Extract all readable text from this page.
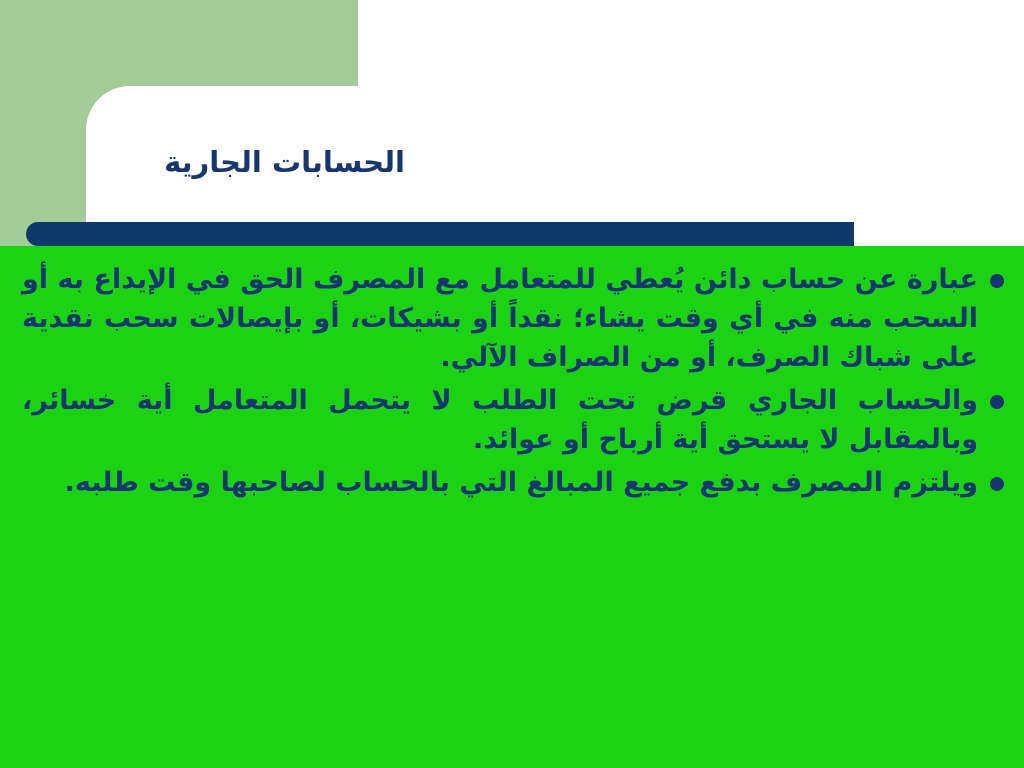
الحسابات الجارية
عبارة عن حساب دائن يُعطي للمتعامل مع المصرف الحق في الإيداع به أو السحب منه في أي وقت يشاء؛ نقداً أو بشيكات، أو بإيصالات سحب نقدية على شباك الصرف، أو من الصراف الآلي.
والحساب الجاري قرض تحت الطلب لا يتحمل المتعامل أية خسائر، وبالمقابل لا يستحق أية أرباح أو عوائد.
ويلتزم المصرف بدفع جميع المبالغ التي بالحساب لصاحبها وقت طلبه.
